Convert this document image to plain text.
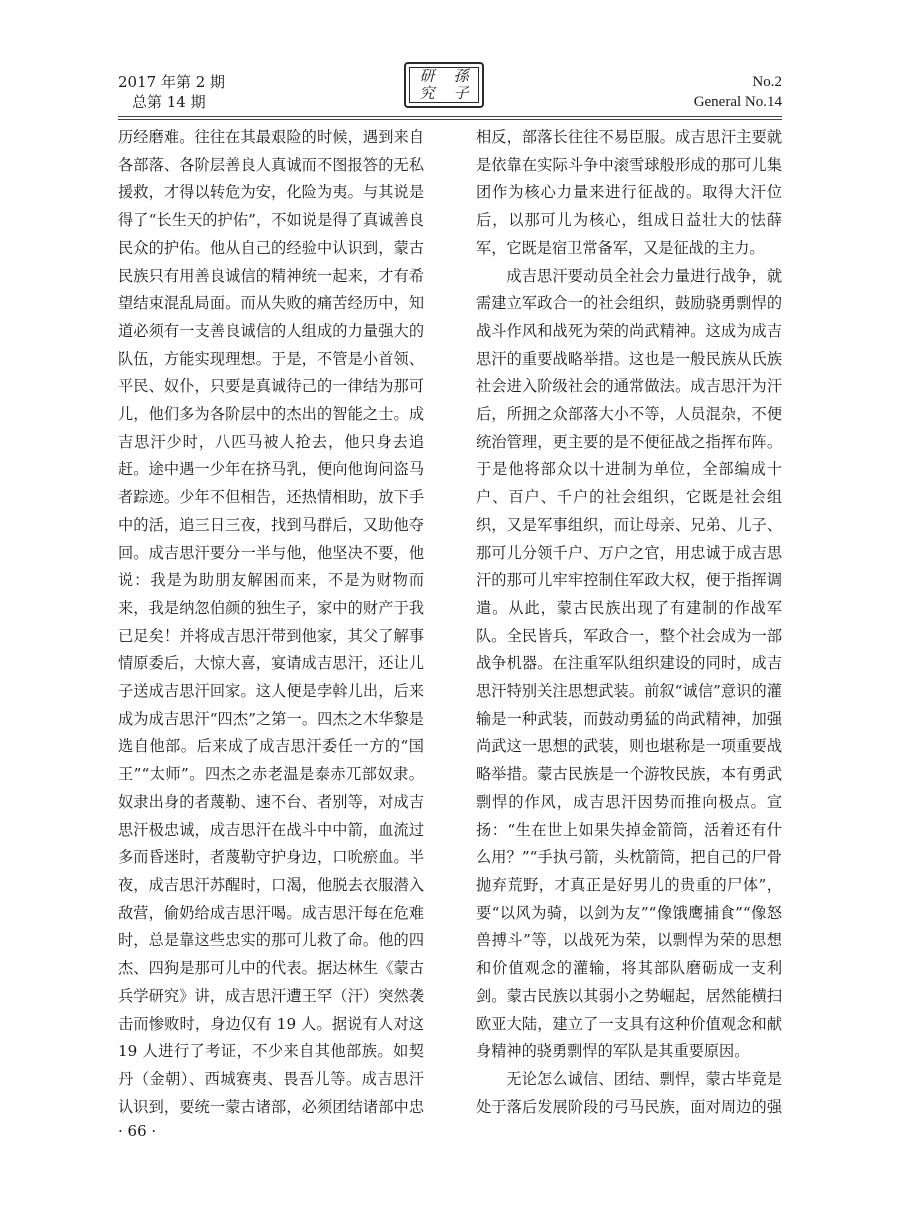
2017 年第 2 期
总第 14 期
研 孫
究 子
No.2
General No.14

历经磨难。往往在其最艰险的时候，遇到来自各部落、各阶层善良人真诚而不图报答的无私援救，才得以转危为安，化险为夷。与其说是得了“长生天的护佑”，不如说是得了真诚善良民众的护佑。他从自己的经验中认识到，蒙古民族只有用善良诚信的精神统一起来，才有希望结束混乱局面。而从失败的痛苦经历中，知道必须有一支善良诚信的人组成的力量强大的队伍，方能实现理想。于是，不管是小首领、平民、奴仆，只要是真诚待己的一律结为那可儿，他们多为各阶层中的杰出的智能之士。成吉思汗少时，八匹马被人抢去，他只身去追赶。途中遇一少年在挤马乳，便向他询问盗马者踪迹。少年不但相告，还热情相助，放下手中的活，追三日三夜，找到马群后，又助他夺回。成吉思汗要分一半与他，他坚决不要，他说：我是为助朋友解困而来，不是为财物而来，我是纳忽伯颜的独生子，家中的财产于我已足矣！并将成吉思汗带到他家，其父了解事情原委后，大惊大喜，宴请成吉思汗，还让儿子送成吉思汗回家。这人便是孛斡儿出，后来成为成吉思汗“四杰”之第一。四杰之木华黎是选自他部。后来成了成吉思汗委任一方的“国王”“太师”。四杰之赤老温是泰赤兀部奴隶。奴隶出身的者蔑勒、速不台、者别等，对成吉思汗极忠诚，成吉思汗在战斗中中箭，血流过多而昏迷时，者蔑勒守护身边，口吮瘀血。半夜，成吉思汗苏醒时，口渴，他脱去衣服潜入敌营，偷奶给成吉思汗喝。成吉思汗每在危难时，总是靠这些忠实的那可儿救了命。他的四杰、四狗是那可儿中的代表。据达林生《蒙古兵学研究》讲，成吉思汗遭王罕（汗）突然袭击而惨败时，身边仅有 19 人。据说有人对这 19 人进行了考证，不少来自其他部族。如契丹（金朝）、西城赛夷、畏吾儿等。成吉思汗认识到，要统一蒙古诸部，必须团结诸部中忠

相反，部落长往往不易臣服。成吉思汗主要就是依靠在实际斗争中滚雪球般形成的那可儿集团作为核心力量来进行征战的。取得大汗位后，以那可儿为核心，组成日益壮大的怯薛军，它既是宿卫常备军，又是征战的主力。

成吉思汗要动员全社会力量进行战争，就需建立军政合一的社会组织，鼓励骁勇剽悍的战斗作风和战死为荣的尚武精神。这成为成吉思汗的重要战略举措。这也是一般民族从氏族社会进入阶级社会的通常做法。成吉思汗为汗后，所拥之众部落大小不等，人员混杂，不便统治管理，更主要的是不便征战之指挥布阵。于是他将部众以十进制为单位，全部编成十户、百户、千户的社会组织，它既是社会组织，又是军事组织，而让母亲、兄弟、儿子、那可儿分领千户、万户之官，用忠诚于成吉思汗的那可儿牢牢控制住军政大权，便于指挥调遣。从此，蒙古民族出现了有建制的作战军队。全民皆兵，军政合一，整个社会成为一部战争机器。在注重军队组织建设的同时，成吉思汗特别关注思想武装。前叙“诚信”意识的灌输是一种武装，而鼓动勇猛的尚武精神，加强尚武这一思想的武装，则也堪称是一项重要战略举措。蒙古民族是一个游牧民族，本有勇武剽悍的作风，成吉思汗因势而推向极点。宣扬：“生在世上如果失掉金箭筒，活着还有什么用？”“手执弓箭，头枕箭筒，把自己的尸骨抛弃荒野，才真正是好男儿的贵重的尸体”，要“以风为骑，以剑为友”“像饿鹰捕食”“像怒兽搏斗”等，以战死为荣，以剽悍为荣的思想和价值观念的灌输，将其部队磨砺成一支利剑。蒙古民族以其弱小之势崛起，居然能横扫欧亚大陆，建立了一支具有这种价值观念和献身精神的骁勇剽悍的军队是其重要原因。

无论怎么诚信、团结、剽悍，蒙古毕竟是处于落后发展阶段的弓马民族，面对周边的强

· 66 ·
